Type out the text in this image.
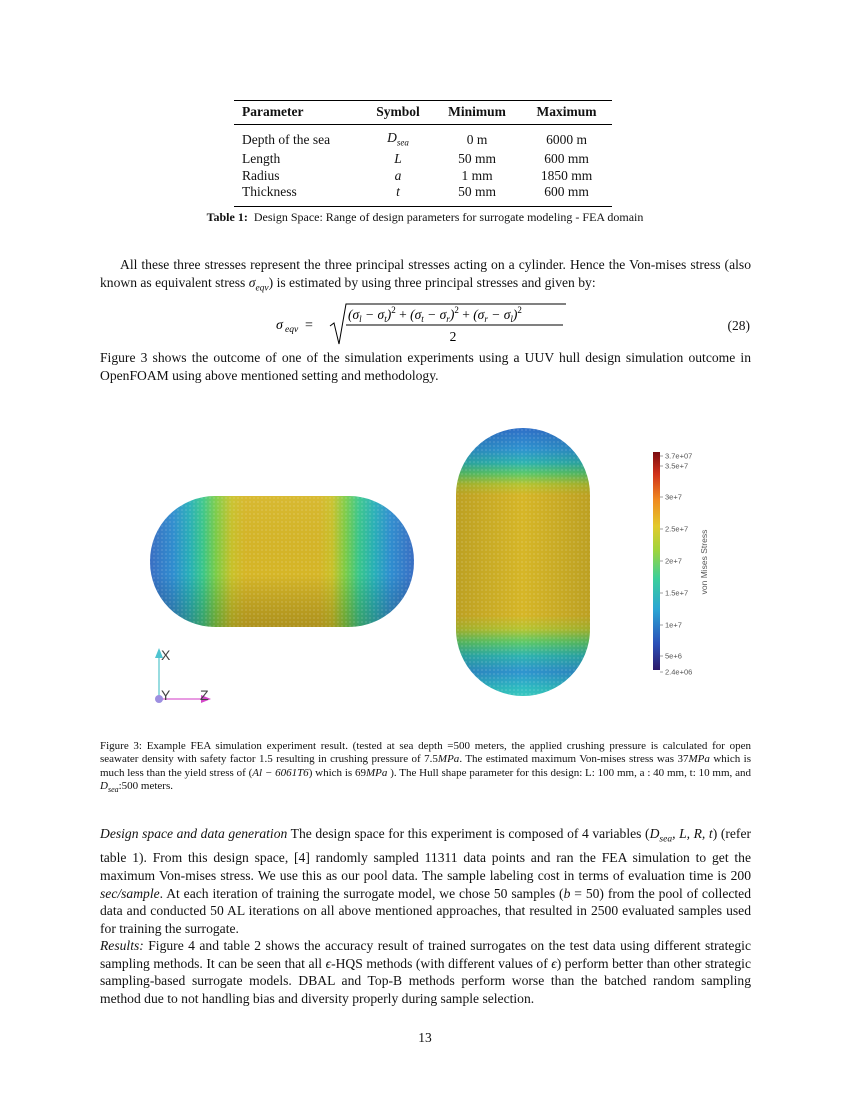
Parameter	Symbol	Minimum	Maximum
Depth of the sea	$D_{sea}$	0 m	6000 m
Length	L	50 mm	600 mm
Radius	a	1 mm	1850 mm
Thickness	t	50 mm	600 mm
Table 1: Design Space: Range of design parameters for surrogate modeling - FEA domain
All these three stresses represent the three principal stresses acting on a cylinder. Hence the Von-mises stress (also known as equivalent stress $\sigma_{eqv}$) is estimated by using three principal stresses and given by:
σ eqv =
$(\sigma_l - \sigma_t)^2 + (\sigma_t - \sigma_r)^2 + (\sigma_r - \sigma_l)^2$
2
(28)
Figure 3 shows the outcome of one of the simulation experiments using a UUV hull design simulation outcome in OpenFOAM using above mentioned setting and methodology.
3.7e+07
3.5e+7
3e+7
2.5e+7
2e+7
1.5e+7
1e+7
5e+6
2.4e+06
von Mises Stress
X
Y Z
Figure 3: Example FEA simulation experiment result. (tested at sea depth =500 meters, the applied crushing pressure is calculated for open seawater density with safety factor 1.5 resulting in crushing pressure of 7.5MPa. The estimated maximum Von-mises stress was 37MPa which is much less than the yield stress of (Al − 6061T6) which is 69MPa ). The Hull shape parameter for this design: L: 100 mm, a : 40 mm, t: 10 mm, and $D_{sea}:500$ meters.
Design space and data generation The design space for this experiment is composed of 4 variables ($D_{sea}$, L, R, t) (refer table 1). From this design space, [4] randomly sampled 11311 data points and ran the FEA simulation to get the maximum Von-mises stress. We use this as our pool data. The sample labeling cost in terms of evaluation time is 200 sec/sample. At each iteration of training the surrogate model, we chose 50 samples (b = 50) from the pool of collected data and conducted 50 AL iterations on all above mentioned approaches, that resulted in 2500 evaluated samples used for training the surrogate.
Results: Figure 4 and table 2 shows the accuracy result of trained surrogates on the test data using different strategic sampling methods. It can be seen that all ϵ-HQS methods (with different values of ϵ) perform better than other strategic sampling-based surrogate models. DBAL and Top-B methods perform worse than the batched random sampling method due to not handling bias and diversity properly during sample selection.
13
